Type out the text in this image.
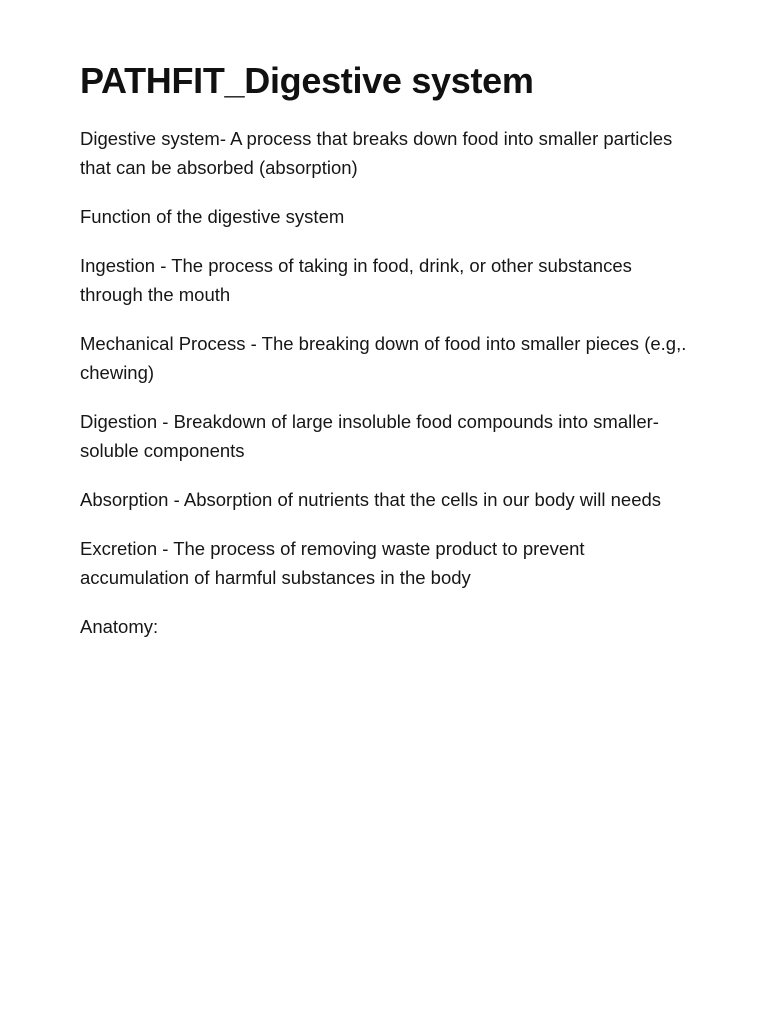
PATHFIT_Digestive system

Digestive system- A process that breaks down food into smaller particles that can be absorbed (absorption)

Function of the digestive system

Ingestion - The process of taking in food, drink, or other substances through the mouth

Mechanical Process - The breaking down of food into smaller pieces (e.g,. chewing)

Digestion - Breakdown of large insoluble food compounds into smaller-soluble components

Absorption - Absorption of nutrients that the cells in our body will needs

Excretion - The process of removing waste product to prevent accumulation of harmful substances in the body

Anatomy:
